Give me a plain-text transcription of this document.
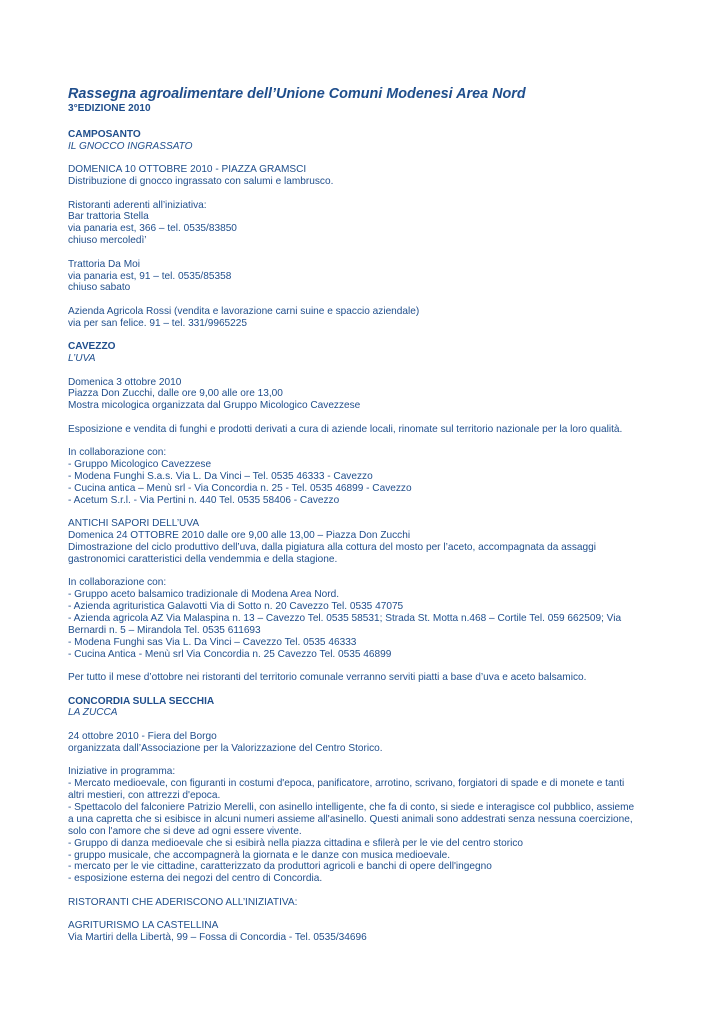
Rassegna agroalimentare dell’Unione Comuni Modenesi Area Nord

3°EDIZIONE 2010

CAMPOSANTO

IL GNOCCO INGRASSATO

DOMENICA 10 OTTOBRE 2010 - PIAZZA GRAMSCI

Distribuzione di gnocco ingrassato con salumi e lambrusco.

Ristoranti aderenti all’iniziativa:

Bar trattoria Stella

via panaria est, 366 – tel. 0535/83850

chiuso mercoledì’

Trattoria Da Moi

via panaria est, 91 – tel. 0535/85358

chiuso sabato

Azienda Agricola Rossi (vendita e lavorazione carni suine e spaccio aziendale)

via per san felice. 91 – tel. 331/9965225

CAVEZZO

L’UVA

Domenica 3 ottobre 2010

Piazza Don Zucchi, dalle ore 9,00 alle ore 13,00

Mostra micologica organizzata dal Gruppo Micologico Cavezzese

Esposizione e vendita di funghi e prodotti derivati a cura di aziende locali, rinomate sul territorio nazionale per la loro qualità.

In collaborazione con:

- Gruppo Micologico Cavezzese

- Modena Funghi S.a.s. Via L. Da Vinci – Tel. 0535 46333 - Cavezzo

- Cucina antica – Menù srl - Via Concordia n. 25 - Tel. 0535 46899 - Cavezzo

- Acetum S.r.l. - Via Pertini n. 440 Tel. 0535 58406 - Cavezzo

ANTICHI SAPORI DELL’UVA

Domenica 24 OTTOBRE 2010 dalle ore 9,00 alle 13,00 – Piazza Don Zucchi

Dimostrazione del ciclo produttivo dell’uva, dalla pigiatura alla cottura del mosto per l’aceto, accompagnata da assaggi

gastronomici caratteristici della vendemmia e della stagione.

In collaborazione con:

- Gruppo aceto balsamico tradizionale di Modena Area Nord.

- Azienda agrituristica Galavotti Via di Sotto n. 20 Cavezzo Tel. 0535 47075

- Azienda agricola AZ Via Malaspina n. 13 – Cavezzo Tel. 0535 58531; Strada St. Motta n.468 – Cortile Tel. 059 662509; Via

Bernardi n. 5 – Mirandola Tel. 0535 611693

- Modena Funghi sas Via L. Da Vinci – Cavezzo Tel. 0535 46333

- Cucina Antica - Menù srl Via Concordia n. 25 Cavezzo Tel. 0535 46899

Per tutto il mese d’ottobre nei ristoranti del territorio comunale verranno serviti piatti a base d’uva e aceto balsamico.

CONCORDIA SULLA SECCHIA

LA ZUCCA

24 ottobre 2010 - Fiera del Borgo

organizzata dall’Associazione per la Valorizzazione del Centro Storico.

Iniziative in programma:

- Mercato medioevale, con figuranti in costumi d'epoca, panificatore, arrotino, scrivano, forgiatori di spade e di monete e tanti

altri mestieri, con attrezzi d'epoca.

- Spettacolo del falconiere Patrizio Merelli, con asinello intelligente, che fa di conto, si siede e interagisce col pubblico, assieme

a una capretta che si esibisce in alcuni numeri assieme all'asinello. Questi animali sono addestrati senza nessuna coercizione,

solo con l'amore che si deve ad ogni essere vivente.

- Gruppo di danza medioevale che si esibirà nella piazza cittadina e sfilerà per le vie del centro storico

- gruppo musicale, che accompagnerà la giornata e le danze con musica medioevale.

- mercato per le vie cittadine, caratterizzato da produttori agricoli e banchi di opere dell'ingegno

- esposizione esterna dei negozi del centro di Concordia.

RISTORANTI CHE ADERISCONO ALL’INIZIATIVA:

AGRITURISMO LA CASTELLINA

Via Martiri della Libertà, 99 – Fossa di Concordia - Tel. 0535/34696
